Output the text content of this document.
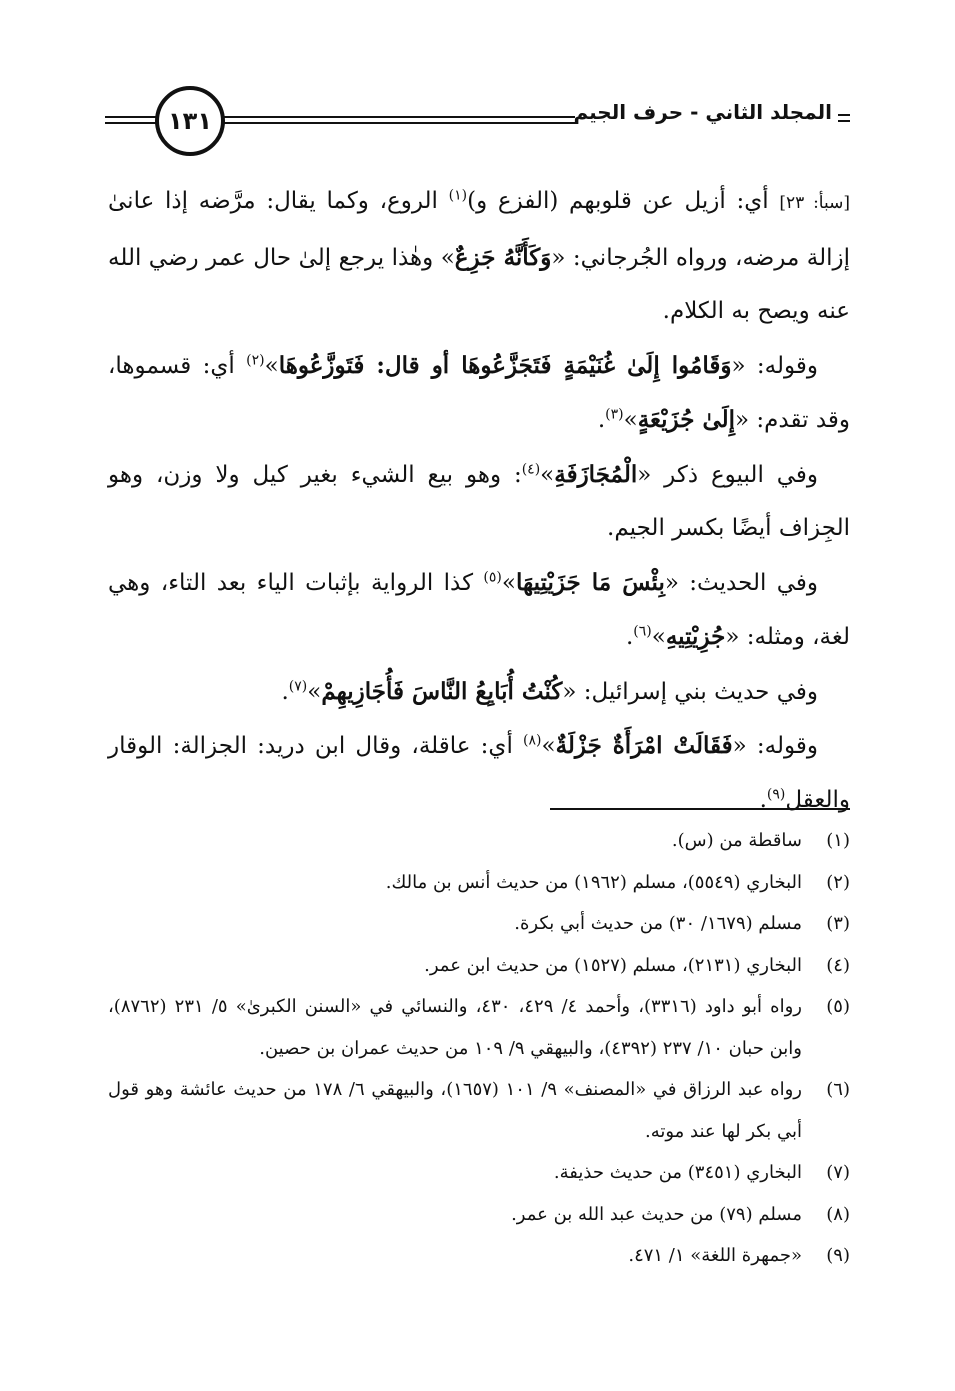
المجلد الثاني - حرف الجيم
١٣١

[سبأ: ٢٣] أي: أزيل عن قلوبهم (الفزع و)$^{(١)}$ الروع، وكما يقال: مرَّضه إذا عانىٰ إزالة مرضه، ورواه الجُرجاني: «وَكَأَنَّهُ جَزِعٌ» وهٰذا يرجع إلىٰ حال عمر رضي الله عنه ويصح به الكلام.

وقوله: «وَقَامُوا إِلَىٰ غُنَيْمَةٍ فَتَجَزَّعُوهَا أو قال: فَتَوزَّعُوهَا»$^{(٢)}$ أي: قسموها، وقد تقدم: «إِلَىٰ جُزَيْعَةٍ»$^{(٣)}$.

وفي البيوع ذكر «الْمُجَازَفَةِ»$^{(٤)}$: وهو بيع الشيء بغير كيل ولا وزن، وهو الجِزاف أيضًا بكسر الجيم.

وفي الحديث: «بِئْسَ مَا جَزَيْتِيهَا»$^{(٥)}$ كذا الرواية بإثبات الياء بعد التاء، وهي لغة، ومثله: «جُزِيْتِيهِ»$^{(٦)}$.

وفي حديث بني إسرائيل: «كُنْتُ أُبَايِعُ النَّاسَ فَأُجَازِيهِمْ»$^{(٧)}$.

وقوله: «فَقَالَتْ امْرَأَةٌ جَزْلَةٌ»$^{(٨)}$ أي: عاقلة، وقال ابن دريد: الجزالة: الوقار والعقل$^{(٩)}$.

(١)
ساقطة من (س).
(٢)
البخاري (٥٥٤٩)، مسلم (١٩٦٢) من حديث أنس بن مالك.
(٣)
مسلم (١٦٧٩/ ٣٠) من حديث أبي بكرة.
(٤)
البخاري (٢١٣١)، مسلم (١٥٢٧) من حديث ابن عمر.
(٥)
رواه أبو داود (٣٣١٦)، وأحمد ٤/ ٤٢٩، ٤٣٠، والنسائي في «السنن الكبرىٰ» ٥/ ٢٣١ (٨٧٦٢)، وابن حبان ١٠/ ٢٣٧ (٤٣٩٢)، والبيهقي ٩/ ١٠٩ من حديث عمران بن حصين.
(٦)
رواه عبد الرزاق في «المصنف» ٩/ ١٠١ (١٦٥٧)، والبيهقي ٦/ ١٧٨ من حديث عائشة وهو قول أبي بكر لها عند موته.
(٧)
البخاري (٣٤٥١) من حديث حذيفة.
(٨)
مسلم (٧٩) من حديث عبد الله بن عمر.
(٩)
«جمهرة اللغة» ١/ ٤٧١.
